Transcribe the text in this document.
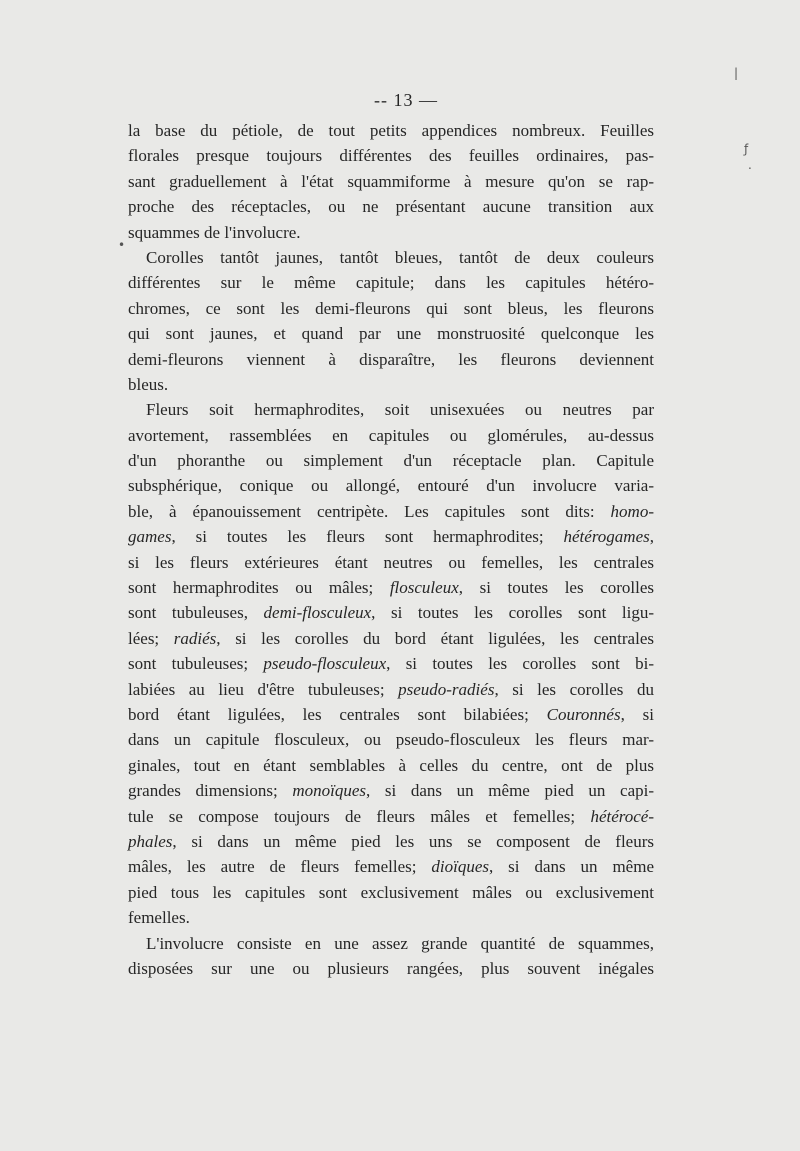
-- 13 —
|
ƒ
.
•
la base du pétiole, de tout petits appendices nombreux. Feuilles
florales presque toujours différentes des feuilles ordinaires, pas-
sant graduellement à l'état squammiforme à mesure qu'on se rap-
proche des réceptacles, ou ne présentant aucune transition aux
squammes de l'involucre.
Corolles tantôt jaunes, tantôt bleues, tantôt de deux couleurs
différentes sur le même capitule; dans les capitules hétéro-
chromes, ce sont les demi-fleurons qui sont bleus, les fleurons
qui sont jaunes, et quand par une monstruosité quelconque les
demi-fleurons viennent à disparaître, les fleurons deviennent
bleus.
Fleurs soit hermaphrodites, soit unisexuées ou neutres par
avortement, rassemblées en capitules ou glomérules, au-dessus
d'un phoranthe ou simplement d'un réceptacle plan. Capitule
subsphérique, conique ou allongé, entouré d'un involucre varia-
ble, à épanouissement centripète. Les capitules sont dits: homo-
games, si toutes les fleurs sont hermaphrodites; hétérogames,
si les fleurs extérieures étant neutres ou femelles, les centrales
sont hermaphrodites ou mâles; flosculeux, si toutes les corolles
sont tubuleuses, demi-flosculeux, si toutes les corolles sont ligu-
lées; radiés, si les corolles du bord étant ligulées, les centrales
sont tubuleuses; pseudo-flosculeux, si toutes les corolles sont bi-
labiées au lieu d'être tubuleuses; pseudo-radiés, si les corolles du
bord étant ligulées, les centrales sont bilabiées; Couronnés, si
dans un capitule flosculeux, ou pseudo-flosculeux les fleurs mar-
ginales, tout en étant semblables à celles du centre, ont de plus
grandes dimensions; monoïques, si dans un même pied un capi-
tule se compose toujours de fleurs mâles et femelles; hétérocé-
phales, si dans un même pied les uns se composent de fleurs
mâles, les autre de fleurs femelles; dioïques, si dans un même
pied tous les capitules sont exclusivement mâles ou exclusivement
femelles.
L'involucre consiste en une assez grande quantité de squammes,
disposées sur une ou plusieurs rangées, plus souvent inégales
